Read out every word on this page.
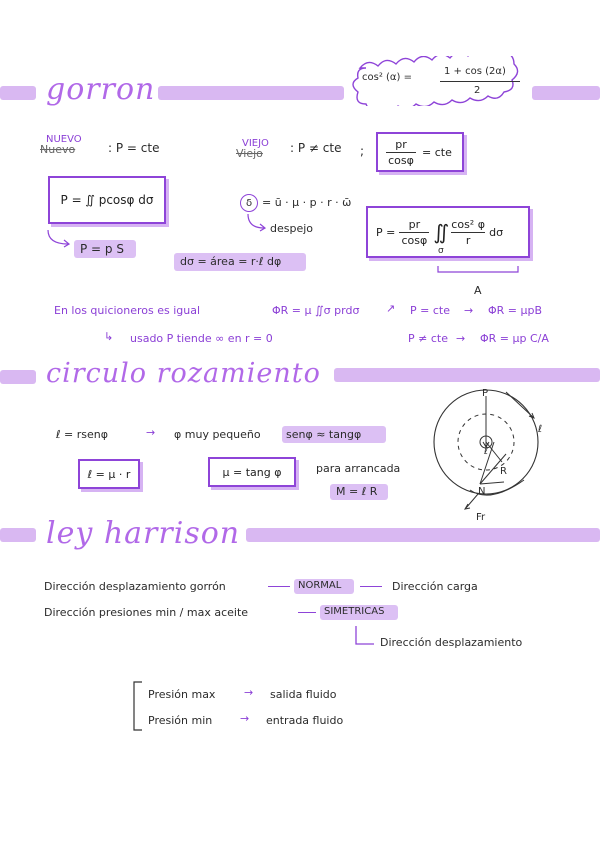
gorron	cos² (α) =
1 + cos (2α)
2
Nuevo
NUEVO
: P = cte	Viejo
VIEJO : P ≠ cte ;	pr
cosφ
= cte
P = ∬ pcosφ dσ
P = p S
δ = ū · μ · p · r · ω̄
despejo
dσ = área = r·ℓ dφ
P =
pr
cosφ ∬ cos² φ
r
dσ
σ
A
En los quicioneros es igual	ΦR = μ ∬σ prdσ ↗ P = cte → ΦR = μpB
↳ usado P tiende ∞ en r = 0	P ≠ cte → ΦR = μp C/A
circulo rozamiento
ℓ = rsenφ	→ φ muy pequeño senφ ≈ tangφ
ℓ = μ · r	μ = tang φ	para arrancada
M = ℓ R
P
ℓ
R
N
Fr
ℓ
ley harrison
Dirección desplazamiento gorrón	NORMAL	Dirección carga
Dirección presiones min / max aceite	SIMETRICAS
Dirección desplazamiento
Presión max	→ salida fluido
Presión min	→ entrada fluido
